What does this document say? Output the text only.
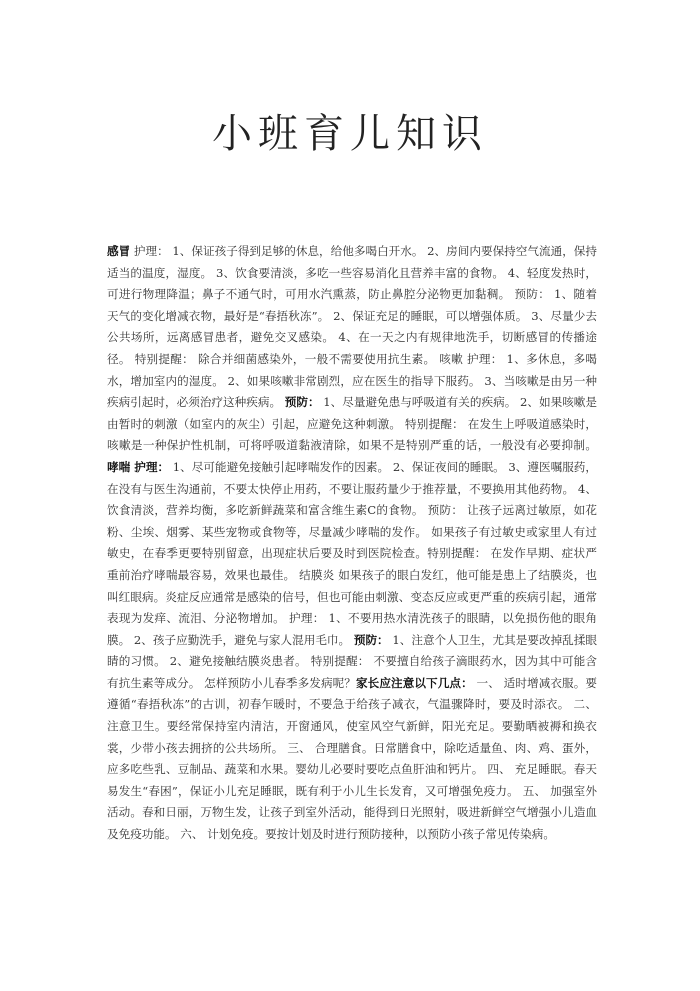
小班育儿知识
感冒 护理： 1、保证孩子得到足够的休息，给他多喝白开水。 2、房间内要保持空气流通，保持适当的温度，湿度。 3、饮食要清淡，多吃一些容易消化且营养丰富的食物。 4、轻度发热时，可进行物理降温；鼻子不通气时，可用水汽熏蒸，防止鼻腔分泌物更加黏稠。 预防： 1、随着天气的变化增减衣物，最好是“春捂秋冻”。 2、保证充足的睡眠，可以增强体质。 3、尽量少去公共场所，远离感冒患者，避免交叉感染。 4、在一天之内有规律地洗手，切断感冒的传播途径。 特别提醒： 除合并细菌感染外，一般不需要使用抗生素。 咳嗽 护理： 1、多休息，多喝水，增加室内的湿度。 2、如果咳嗽非常剧烈，应在医生的指导下服药。 3、当咳嗽是由另一种疾病引起时，必须治疗这种疾病。 预防： 1、尽量避免患与呼吸道有关的疾病。 2、如果咳嗽是由暂时的刺激（如室内的灰尘）引起，应避免这种刺激。 特别提醒： 在发生上呼吸道感染时，咳嗽是一种保护性机制，可将呼吸道黏液清除，如果不是特别严重的话，一般没有必要抑制。 哮喘 护理： 1、尽可能避免接触引起哮喘发作的因素。 2、保证夜间的睡眠。 3、遵医嘱服药，在没有与医生沟通前，不要太快停止用药，不要让服药量少于推荐量，不要换用其他药物。 4、饮食清淡，营养均衡，多吃新鲜蔬菜和富含维生素C的食物。 预防： 让孩子远离过敏原，如花粉、尘埃、烟雾、某些宠物或食物等，尽量减少哮喘的发作。 如果孩子有过敏史或家里人有过敏史，在春季更要特别留意，出现症状后要及时到医院检查。特别提醒： 在发作早期、症状严重前治疗哮喘最容易，效果也最佳。 结膜炎 如果孩子的眼白发红，他可能是患上了结膜炎，也叫红眼病。炎症反应通常是感染的信号，但也可能由刺激、变态反应或更严重的疾病引起，通常表现为发痒、流泪、分泌物增加。 护理： 1、不要用热水清洗孩子的眼睛，以免损伤他的眼角膜。 2、孩子应勤洗手，避免与家人混用毛巾。 预防： 1、注意个人卫生，尤其是要改掉乱揉眼睛的习惯。 2、避免接触结膜炎患者。 特别提醒： 不要擅自给孩子滴眼药水，因为其中可能含有抗生素等成分。 怎样预防小儿春季多发病呢？家长应注意以下几点： 一、 适时增减衣服。要遵循“春捂秋冻”的古训，初春乍暖时，不要急于给孩子减衣，气温骤降时，要及时添衣。 二、 注意卫生。要经常保持室内清洁，开窗通风，使室风空气新鲜，阳光充足。要勤晒被褥和换衣裳，少带小孩去拥挤的公共场所。 三、 合理膳食。日常膳食中，除吃适量鱼、肉、鸡、蛋外，应多吃些乳、豆制品、蔬菜和水果。婴幼儿必要时要吃点鱼肝油和钙片。 四、 充足睡眠。春天易发生“春困”，保证小儿充足睡眠，既有利于小儿生长发育，又可增强免疫力。 五、 加强室外活动。春和日丽，万物生发，让孩子到室外活动，能得到日光照射，吸进新鲜空气增强小儿造血及免疫功能。 六、 计划免疫。要按计划及时进行预防接种，以预防小孩子常见传染病。
